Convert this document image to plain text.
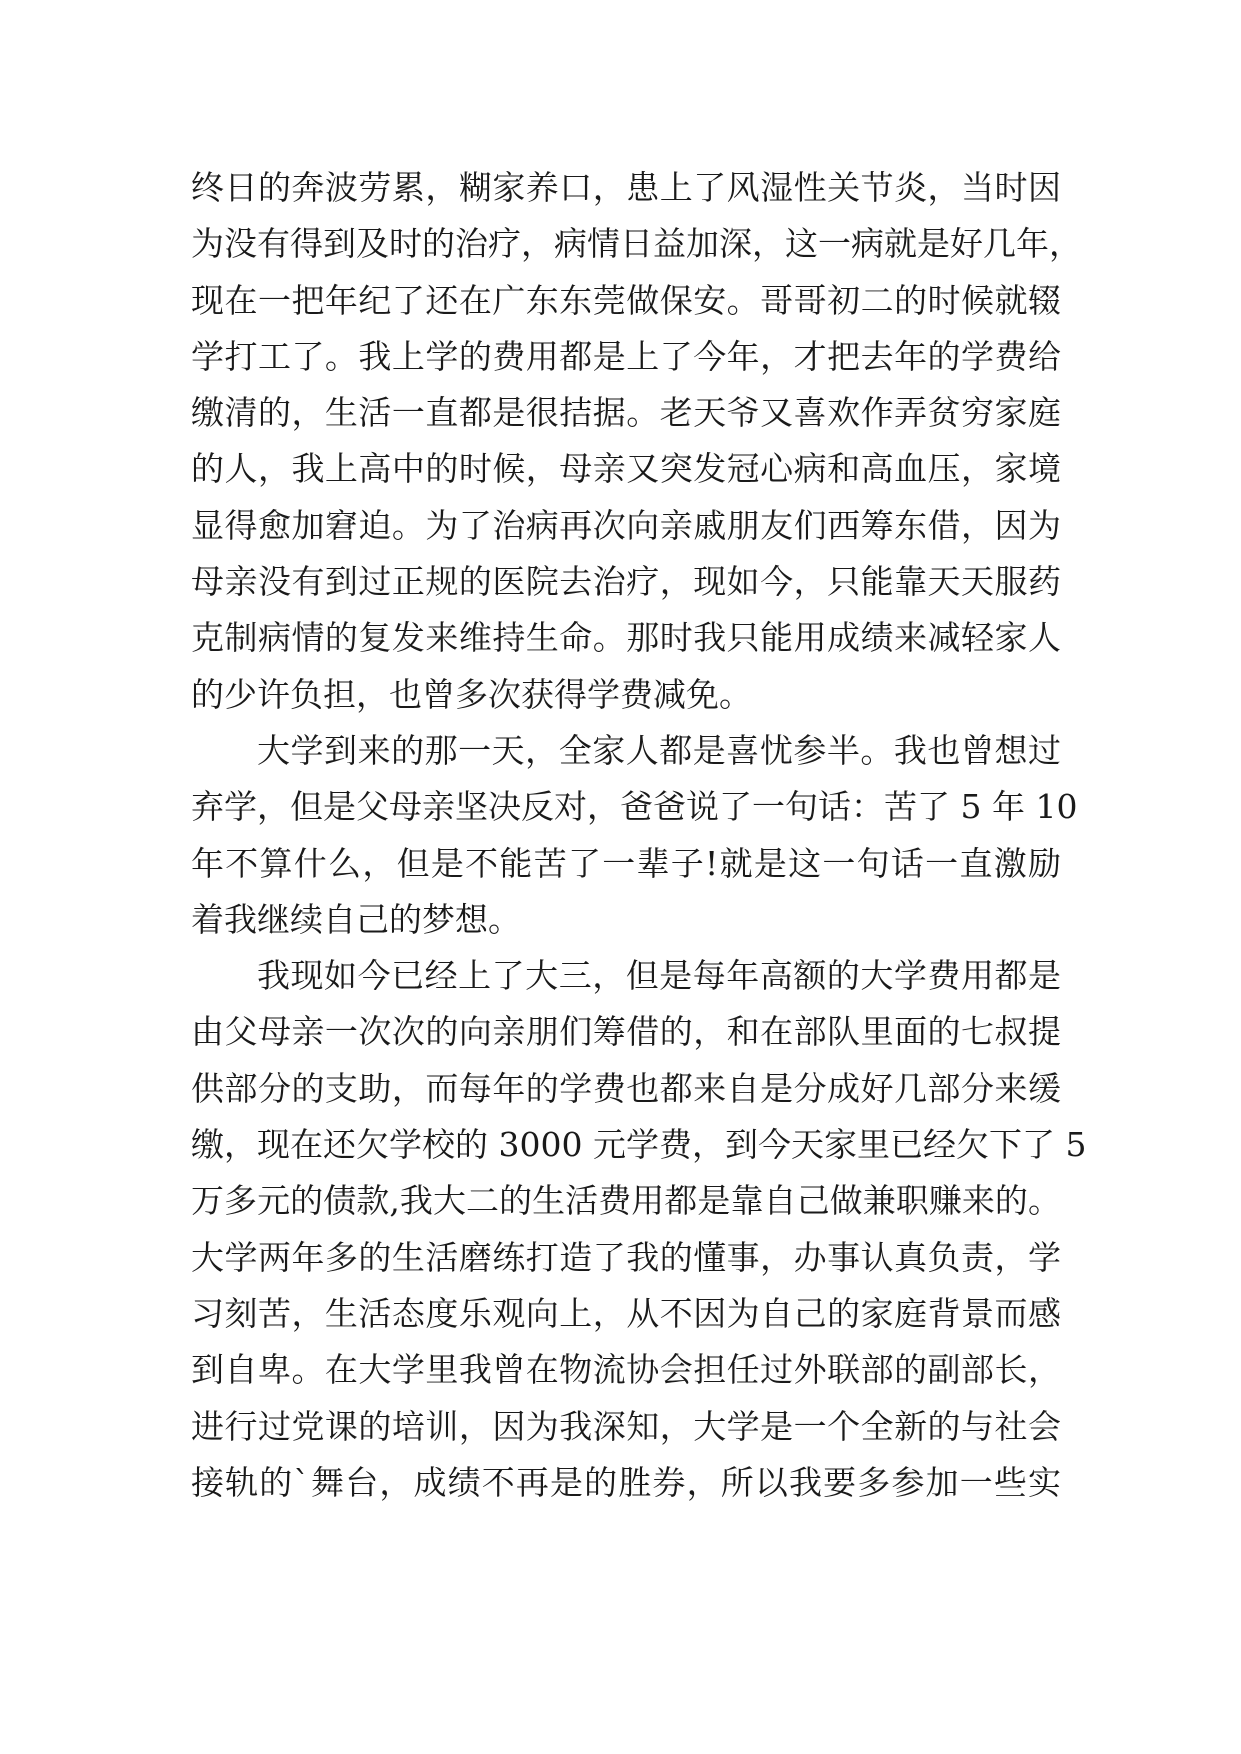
终日的奔波劳累，糊家养口，患上了风湿性关节炎，当时因
为没有得到及时的治疗，病情日益加深，这一病就是好几年，
现在一把年纪了还在广东东莞做保安。哥哥初二的时候就辍
学打工了。我上学的费用都是上了今年，才把去年的学费给
缴清的，生活一直都是很拮据。老天爷又喜欢作弄贫穷家庭
的人，我上高中的时候，母亲又突发冠心病和高血压，家境
显得愈加窘迫。为了治病再次向亲戚朋友们西筹东借，因为
母亲没有到过正规的医院去治疗，现如今，只能靠天天服药
克制病情的复发来维持生命。那时我只能用成绩来减轻家人
的少许负担，也曾多次获得学费减免。
大学到来的那一天，全家人都是喜忧参半。我也曾想过
弃学，但是父母亲坚决反对，爸爸说了一句话：苦了 5 年 10
年不算什么，但是不能苦了一辈子!就是这一句话一直激励
着我继续自己的梦想。
我现如今已经上了大三，但是每年高额的大学费用都是
由父母亲一次次的向亲朋们筹借的，和在部队里面的七叔提
供部分的支助，而每年的学费也都来自是分成好几部分来缓
缴，现在还欠学校的 3000 元学费，到今天家里已经欠下了 5
万多元的债款,我大二的生活费用都是靠自己做兼职赚来的。
大学两年多的生活磨练打造了我的懂事，办事认真负责，学
习刻苦，生活态度乐观向上，从不因为自己的家庭背景而感
到自卑。在大学里我曾在物流协会担任过外联部的副部长，
进行过党课的培训，因为我深知，大学是一个全新的与社会
接轨的`舞台，成绩不再是的胜券，所以我要多参加一些实
